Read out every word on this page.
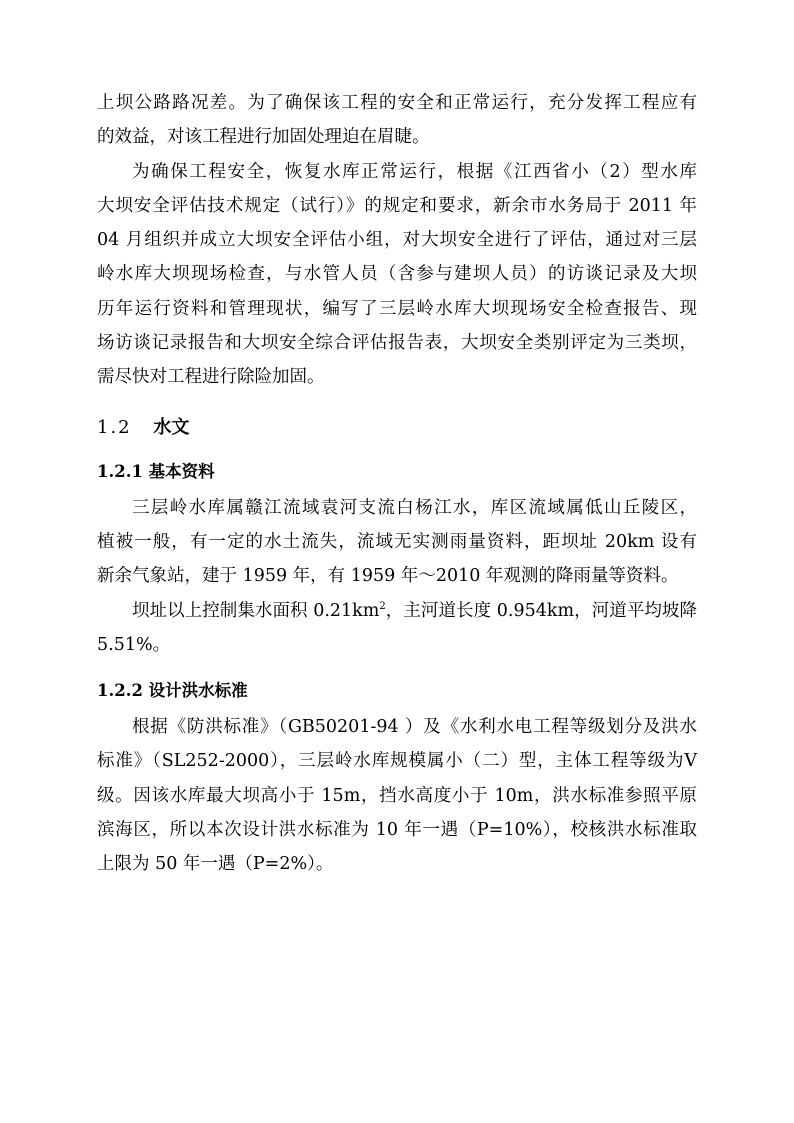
上坝公路路况差。为了确保该工程的安全和正常运行，充分发挥工程应有
的效益，对该工程进行加固处理迫在眉睫。
为确保工程安全，恢复水库正常运行，根据《江西省小（2）型水库
大坝安全评估技术规定（试行）》的规定和要求，新余市水务局于 2011 年
04 月组织并成立大坝安全评估小组，对大坝安全进行了评估，通过对三层
岭水库大坝现场检查，与水管人员（含参与建坝人员）的访谈记录及大坝
历年运行资料和管理现状，编写了三层岭水库大坝现场安全检查报告、现
场访谈记录报告和大坝安全综合评估报告表，大坝安全类别评定为三类坝，
需尽快对工程进行除险加固。
1.2 水文
1.2.1 基本资料
三层岭水库属赣江流域袁河支流白杨江水，库区流域属低山丘陵区，
植被一般，有一定的水土流失，流域无实测雨量资料，距坝址 20km 设有
新余气象站，建于 1959 年，有 1959 年～2010 年观测的降雨量等资料。
坝址以上控制集水面积 $0.21km^2$，主河道长度 0.954km，河道平均坡降
5.51%。
1.2.2 设计洪水标准
根据《防洪标准》（GB50201-94 ）及《水利水电工程等级划分及洪水
标准》（SL252-2000），三层岭水库规模属小（二）型，主体工程等级为Ⅴ
级。因该水库最大坝高小于 15m，挡水高度小于 10m，洪水标准参照平原
滨海区，所以本次设计洪水标准为 10 年一遇（P=10%），校核洪水标准取
上限为 50 年一遇（P=2%）。
